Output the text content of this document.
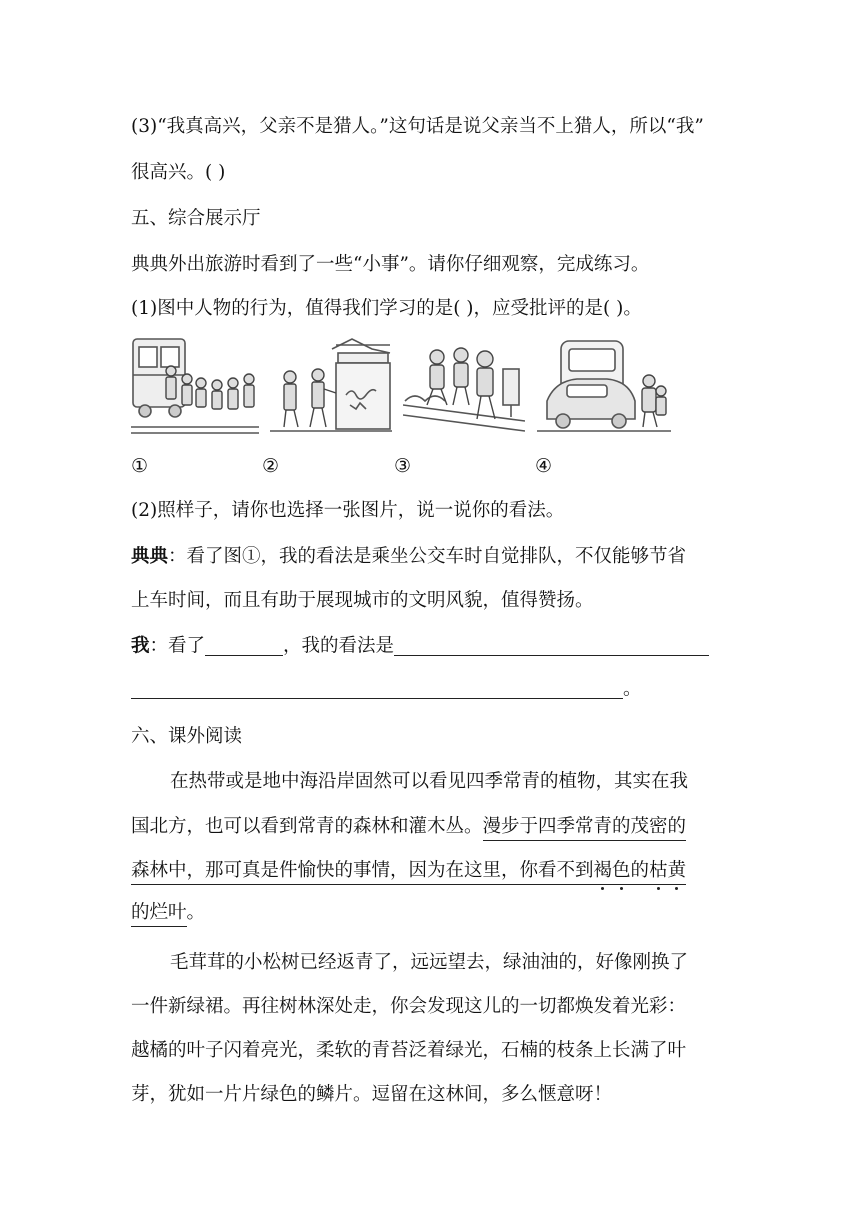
(3)“我真高兴，父亲不是猎人。”这句话是说父亲当不上猎人，所以“我”
很高兴。( )
五、综合展示厅
典典外出旅游时看到了一些“小事”。请你仔细观察，完成练习。
(1)图中人物的行为，值得我们学习的是( )，应受批评的是( )。
①	②	③	④
(2)照样子，请你也选择一张图片，说一说你的看法。
典典：看了图①，我的看法是乘坐公交车时自觉排队，不仅能够节省
上车时间，而且有助于展现城市的文明风貌，值得赞扬。
我：看了	，我的看法是
。
六、课外阅读
在热带或是地中海沿岸固然可以看见四季常青的植物，其实在我
国北方，也可以看到常青的森林和灌木丛。漫步于四季常青的茂密的
森林中，那可真是件愉快的事情，因为在这里，你看不到褐色的枯黄
的烂叶。
毛茸茸的小松树已经返青了，远远望去，绿油油的，好像刚换了
一件新绿裙。再往树林深处走，你会发现这儿的一切都焕发着光彩：
越橘的叶子闪着亮光，柔软的青苔泛着绿光，石楠的枝条上长满了叶
芽，犹如一片片绿色的鳞片。逗留在这林间，多么惬意呀！
